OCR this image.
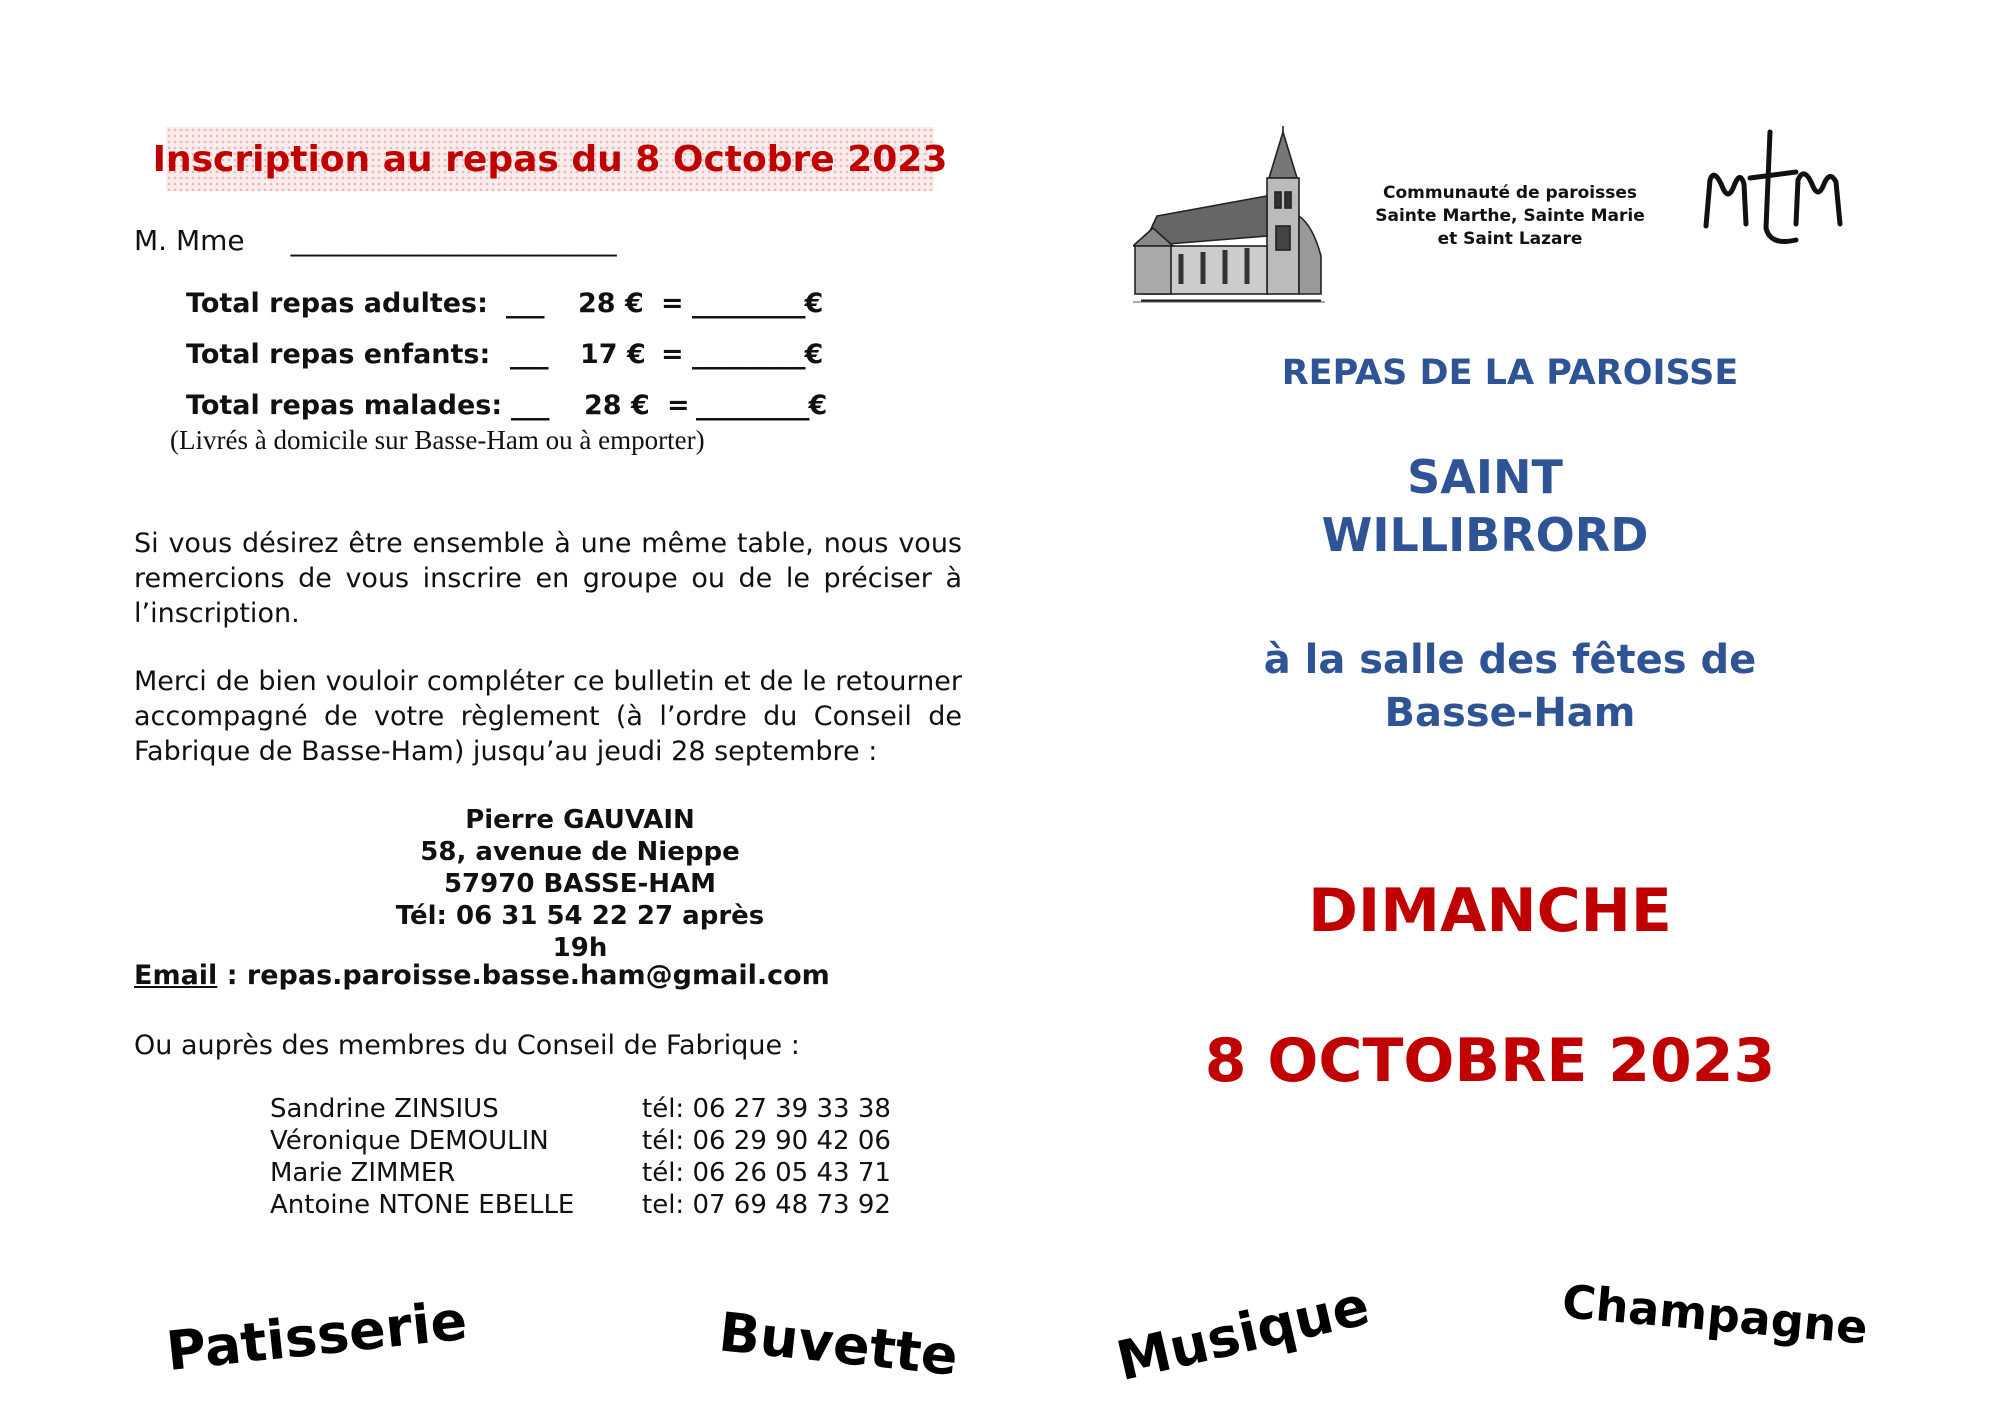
Inscription au repas du 8 Octobre 2023
M. Mme _________________________
Total repas adultes: ___ 28 € = _________€
Total repas enfants: ___ 17 € = _________€
Total repas malades: ___ 28 € = _________€
(Livrés à domicile sur Basse-Ham ou à emporter)
Si vous désirez être ensemble à une même table, nous vous remercions de vous inscrire en groupe ou de le préciser à l’inscription.
Merci de bien vouloir compléter ce bulletin et de le retourner accompagné de votre règlement (à l’ordre du Conseil de Fabrique de Basse-Ham) jusqu’au jeudi 28 septembre :
Pierre GAUVAIN
58, avenue de Nieppe
57970 BASSE-HAM
Tél: 06 31 54 22 27 après 19h
Email : repas.paroisse.basse.ham@gmail.com
Ou auprès des membres du Conseil de Fabrique :
Sandrine ZINSIUS	tél: 06 27 39 33 38
Véronique DEMOULIN	tél: 06 29 90 42 06
Marie ZIMMER	tél: 06 26 05 43 71
Antoine NTONE EBELLE	tel: 07 69 48 73 92
Communauté de paroisses
Sainte Marthe, Sainte Marie
et Saint Lazare
REPAS DE LA PAROISSE
SAINT
WILLIBRORD
à la salle des fêtes de
Basse-Ham
DIMANCHE
8 OCTOBRE 2023
Patisserie	Buvette	Musique	Champagne
